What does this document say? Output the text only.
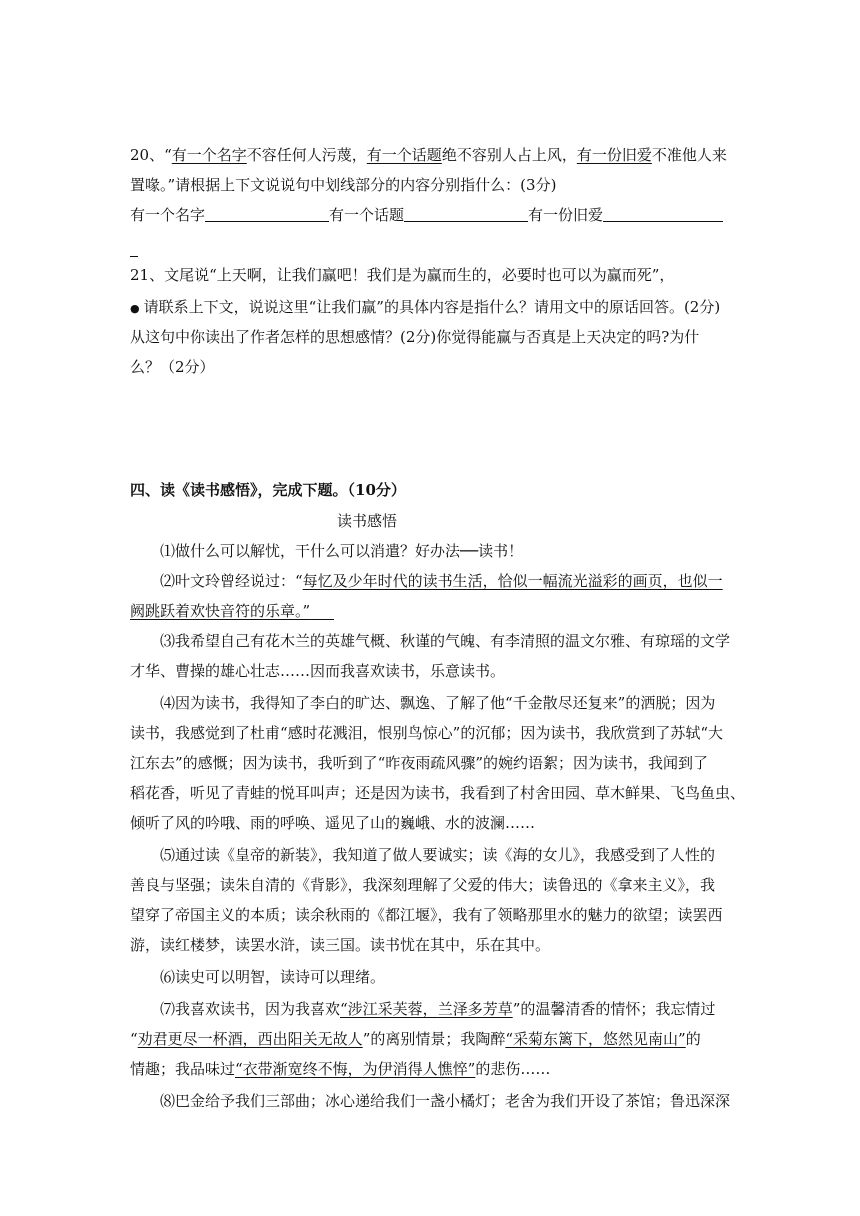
20、“有一个名字不容任何人污蔑，有一个话题绝不容别人占上风，有一份旧爱不准他人来
置喙。”请根据上下文说说句中划线部分的内容分别指什么：(3分)
有一个名字	有一个话题	有一份旧爱
21、文尾说“上天啊，让我们赢吧！我们是为赢而生的，必要时也可以为赢而死”，
● 请联系上下文，说说这里“让我们赢”的具体内容是指什么？请用文中的原话回答。(2分)
从这句中你读出了作者怎样的思想感情？(2分)你觉得能赢与否真是上天决定的吗?为什
么？（2分）
四、读《读书感悟》，完成下题。（10分）
读书感悟
⑴做什么可以解忧，干什么可以消遣？好办法──读书！
⑵叶文玲曾经说过：“每忆及少年时代的读书生活，恰似一幅流光溢彩的画页，也似一
阙跳跃着欢快音符的乐章。”
⑶我希望自己有花木兰的英雄气概、秋谨的气魄、有李清照的温文尔雅、有琼瑶的文学
才华、曹操的雄心壮志……因而我喜欢读书，乐意读书。
⑷因为读书，我得知了李白的旷达、飘逸、了解了他“千金散尽还复来”的洒脱；因为
读书，我感觉到了杜甫“感时花溅泪，恨别鸟惊心”的沉郁；因为读书，我欣赏到了苏轼“大
江东去”的感慨；因为读书，我听到了“昨夜雨疏风骤”的婉约语絮；因为读书，我闻到了
稻花香，听见了青蛙的悦耳叫声；还是因为读书，我看到了村舍田园、草木鲜果、飞鸟鱼虫、
倾听了风的吟哦、雨的呼唤、遥见了山的巍峨、水的波澜……
⑸通过读《皇帝的新装》，我知道了做人要诚实；读《海的女儿》，我感受到了人性的
善良与坚强；读朱自清的《背影》，我深刻理解了父爱的伟大；读鲁迅的《拿来主义》，我
望穿了帝国主义的本质；读余秋雨的《都江堰》，我有了领略那里水的魅力的欲望；读罢西
游，读红楼梦，读罢水浒，读三国。读书忧在其中，乐在其中。
⑹读史可以明智，读诗可以理绪。
⑺我喜欢读书，因为我喜欢“涉江采芙蓉，兰泽多芳草”的温馨清香的情怀；我忘情过
“劝君更尽一杯酒，西出阳关无故人”的离别情景；我陶醉“采菊东篱下，悠然见南山”的
情趣；我品味过“衣带渐宽终不悔，为伊消得人憔悴”的悲伤……
⑻巴金给予我们三部曲；冰心递给我们一盏小橘灯；老舍为我们开设了茶馆；鲁迅深深
